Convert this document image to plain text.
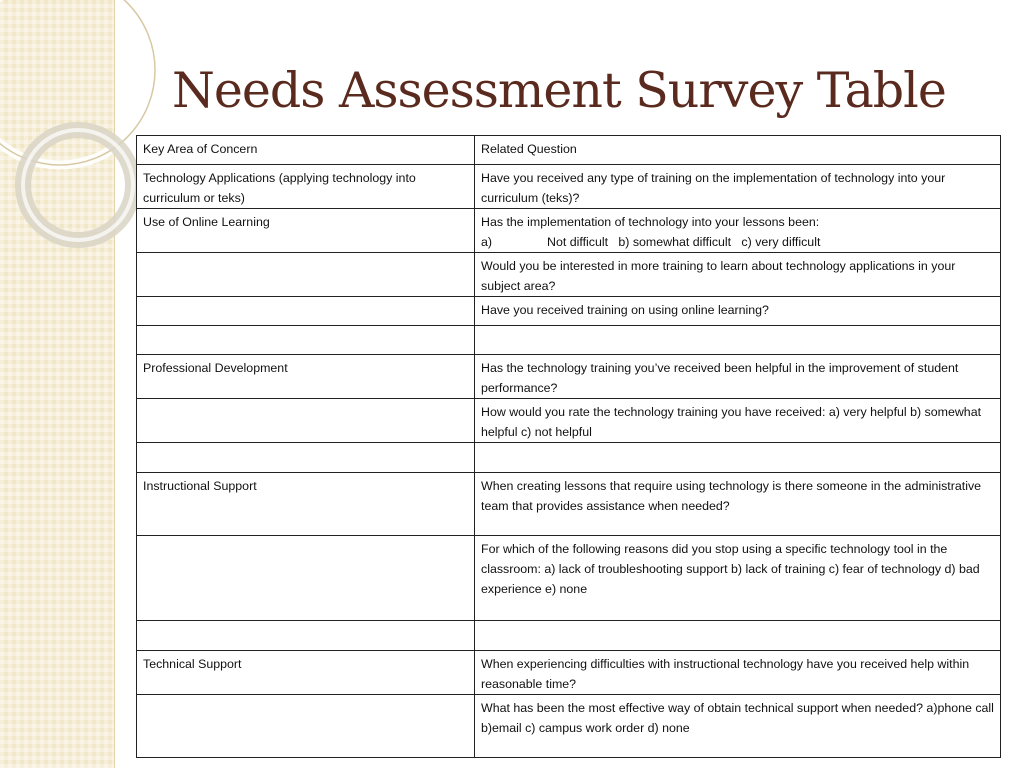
Needs Assessment Survey Table
Key Area of Concern	Related Question
Technology Applications (applying technology into curriculum or teks)	Have you received any type of training on the implementation of technology into your curriculum (teks)?
Use of Online Learning	Has the implementation of technology into your lessons been:
a) Not difficult   b) somewhat difficult   c) very difficult

	Would you be interested in more training to learn about technology applications in your subject area?
	Have you received training on using online learning?

Professional Development	Has the technology training you’ve received been helpful in the improvement of student performance?
	How would you rate the technology training you have received: a) very helpful b) somewhat helpful c) not helpful

Instructional Support	When creating lessons that require using technology is there someone in the administrative team that provides assistance when needed?
	For which of the following reasons did you stop using a specific technology tool in the classroom: a) lack of troubleshooting support b) lack of training c) fear of technology d) bad experience e) none

Technical Support	When experiencing difficulties with instructional technology have you received help within reasonable time?
	What has been the most effective way of obtain technical support when needed? a)phone call b)email c) campus work order d) none
